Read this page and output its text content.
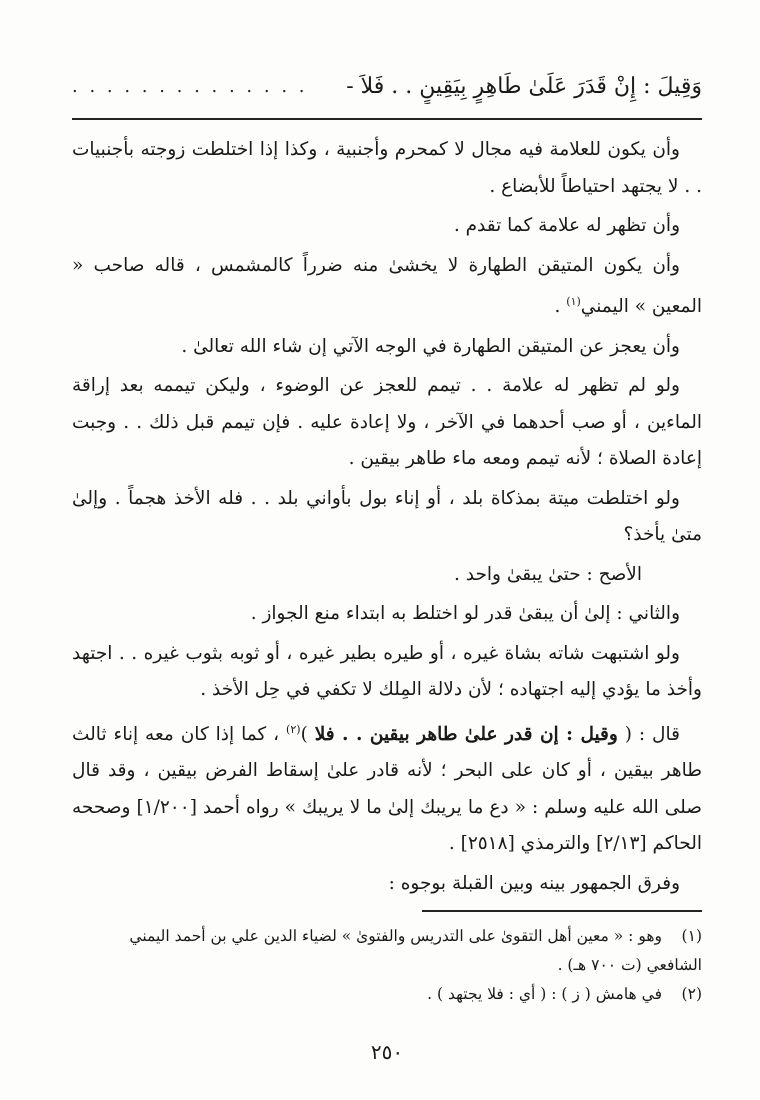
وَقِيلَ : إِنْ قَدَرَ عَلَىٰ طَاهِرٍ بِيَقِينٍ . . فَلاَ -
. . . . . . . . . . . . . .

وأن يكون للعلامة فيه مجال لا كمحرم وأجنبية ، وكذا إذا اختلطت زوجته بأجنبيات . . لا يجتهد احتياطاً للأبضاع .

وأن تظهر له علامة كما تقدم .

وأن يكون المتيقن الطهارة لا يخشىٰ منه ضرراً كالمشمس ، قاله صاحب « المعين » اليمني$^{(١)}$ .

وأن يعجز عن المتيقن الطهارة في الوجه الآتي إن شاء الله تعالىٰ .

ولو لم تظهر له علامة . . تيمم للعجز عن الوضوء ، وليكن تيممه بعد إراقة الماءين ، أو صب أحدهما في الآخر ، ولا إعادة عليه . فإن تيمم قبل ذلك . . وجبت إعادة الصلاة ؛ لأنه تيمم ومعه ماء طاهر بيقين .

ولو اختلطت ميتة بمذكاة بلد ، أو إناء بول بأواني بلد . . فله الأخذ هجماً . وإلىٰ متىٰ يأخذ؟

الأصح : حتىٰ يبقىٰ واحد .

والثاني : إلىٰ أن يبقىٰ قدر لو اختلط به ابتداء منع الجواز .

ولو اشتبهت شاته بشاة غيره ، أو طيره بطير غيره ، أو ثوبه بثوب غيره . . اجتهد وأخذ ما يؤدي إليه اجتهاده ؛ لأن دلالة المِلك لا تكفي في حِل الأخذ .

قال : ( وقيل : إن قدر علىٰ طاهر بيقين . . فلا )$^{(٢)}$ ، كما إذا كان معه إناء ثالث طاهر بيقين ، أو كان على البحر ؛ لأنه قادر علىٰ إسقاط الفرض بيقين ، وقد قال صلى الله عليه وسلم : « دع ما يريبك إلىٰ ما لا يريبك » رواه أحمد [١/٢٠٠] وصححه الحاكم [٢/١٣] والترمذي [٢٥١٨] .

وفرق الجمهور بينه وبين القبلة بوجوه :

(١)وهو : « معين أهل التقوىٰ على التدريس والفتوىٰ » لضياء الدين علي بن أحمد اليمني الشافعي (ت ٧٠٠ هـ) .
(٢)في هامش ( ز ) : ( أي : فلا يجتهد ) .
٢٥٠
